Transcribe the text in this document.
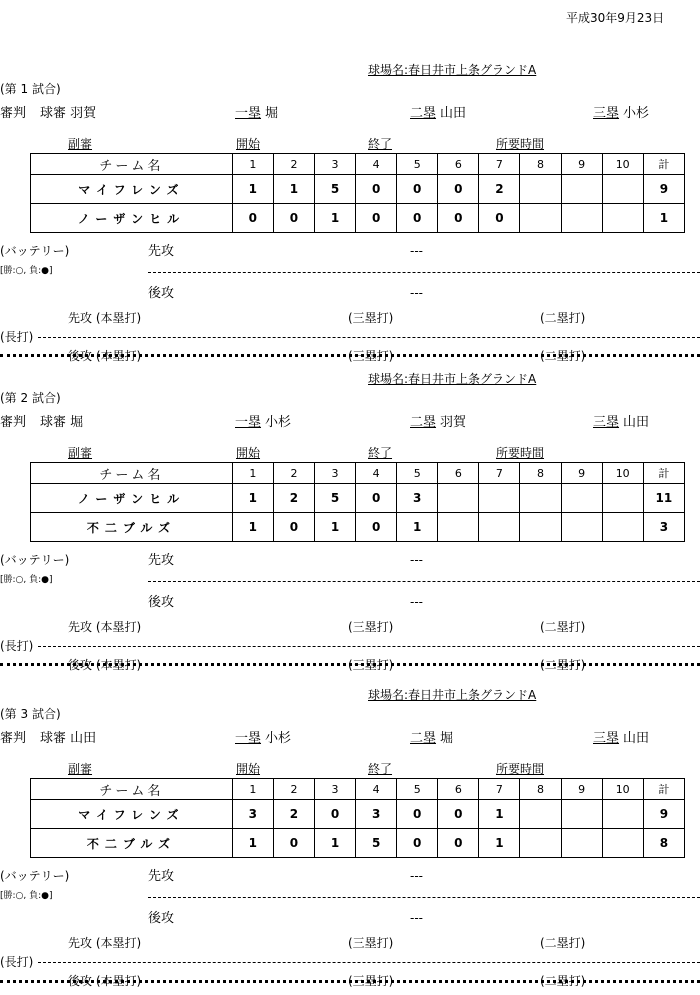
平成30年9月23日
球場名:春日井市上条グランドA
(第 1 試合)
審判 球審 羽賀	一塁 堀	二塁 山田	三塁 小杉
副審	開始	終了	所要時間
チーム名	1	2	3	4	5	6	7	8	9	10	計
マイフレンズ	1	1	5	0	0	0	2				9
ノーザンヒル	0	0	1	0	0	0	0				1
(バッテリー)
[勝:○, 負:●]
先攻	---
後攻	---
先攻 (本塁打)	(三塁打)	(二塁打)
(長打)
後攻 (本塁打)	(三塁打)	(二塁打)
球場名:春日井市上条グランドA
(第 2 試合)
審判 球審 堀	一塁 小杉	二塁 羽賀	三塁 山田
副審	開始	終了	所要時間
チーム名	1	2	3	4	5	6	7	8	9	10	計
ノーザンヒル	1	2	5	0	3						11
不二ブルズ	1	0	1	0	1						3
(バッテリー)
[勝:○, 負:●]
先攻	---
後攻	---
先攻 (本塁打)	(三塁打)	(二塁打)
(長打)
後攻 (本塁打)	(三塁打)	(二塁打)
球場名:春日井市上条グランドA
(第 3 試合)
審判 球審 山田	一塁 小杉	二塁 堀	三塁 山田
副審	開始	終了	所要時間
チーム名	1	2	3	4	5	6	7	8	9	10	計
マイフレンズ	3	2	0	3	0	0	1				9
不二ブルズ	1	0	1	5	0	0	1				8
(バッテリー)
[勝:○, 負:●]
先攻	---
後攻	---
先攻 (本塁打)	(三塁打)	(二塁打)
(長打)
後攻 (本塁打)	(三塁打)	(二塁打)
